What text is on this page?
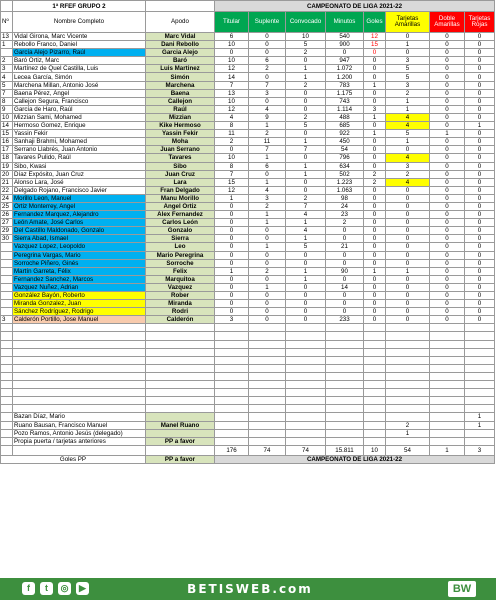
	1ª RFEF GRUPO 2		CAMPEONATO DE LIGA 2021-22							
Nº	Nombre Completo	Apodo	Titular	Suplente	Convocado	Minutos	Goles	Tarjetas Amarillas	Doble Amarillas	Tarjetas Rojas
13	Vidal Girona, Marc Vicente	Marc Vidal	6	0	10	540	12	0	0	0
1	Rebollo Franco, Daniel	Dani Rebollo	10	0	5	900	15	1	0	0
	García Alejo Pizarro, Raúl	Garcia Alejo	0	0	2	0	0	0	0	0
2	Baró Ortiz, Marc	Baró	10	6	0	947	0	3	0	0
3	Martínez de Quel Castilla, Luis	Luis Martinez	12	2	1	1.072	0	5	0	0
4	Lecea García, Simón	Simón	14	0	1	1.200	0	5	0	0
5	Marchena Millan, Antonio José	Marchena	7	7	2	783	1	3	0	0
7	Baena Pérez, Ángel	Baena	13	3	0	1.175	0	2	0	0
8	Callejon Segura, Francisco	Callejon	10	0	0	743	0	1	0	0
9	García de Haro, Raúl	Raúl	12	4	0	1.114	3	1	0	0
10	Mizzian Sami, Mohamed	Mizzian	4	9	2	488	1	4	0	0
14	Hermoso Gomez, Enrique	Kike Hermoso	8	1	5	685	0	4	0	1
15	Yassin Fekir	Yassin Fekir	11	2	0	922	1	5	1	0
16	Sanhaji Brahmi, Mohamed	Moha	2	11	1	450	0	1	0	0
17	Serrano Llabrés, Juan Antonio	Juan Serrano	0	7	7	54	0	0	0	0
18	Tavares Pulido, Raúl	Tavares	10	1	0	796	0	4	0	0
19	Sibo, Kwasi	Sibo	8	6	1	634	0	3	0	0
20	Díaz Expósito, Juan Cruz	Juan Cruz	7	0	1	502	2	2	0	0
21	Alonso Lara, José	Lara	15	1	0	1.223	2	4	0	0
22	Delgado Rojano, Francisco Javier	Fran Delgado	12	4	0	1.063	0	0	0	0
24	Morillo Leon, Manuel	Manu Morillo	1	3	2	98	0	0	0	0
25	Ortiz Monterrey, Angel	Angel Ortiz	0	2	7	24	0	0	0	0
26	Fernandez Marquez, Alejandro	Alex Fernandez	0	1	4	23	0	0	0	0
27	León Amate, José Carlos	Carlos León	0	1	1	2	0	0	0	0
29	Del Castillo Maldonado, Gonzalo	Gonzalo	0	0	4	0	0	0	0	0
30	Sierra Abad, Ismael	Sierra	0	0	1	0	0	0	0	0
	Vazquez Lopez, Leopoldo	Leo	0	1	5	21	0	0	0	0
	Peregrina Vargas, Mario	Mario Peregrina	0	0	0	0	0	0	0	0
	Sorroche Piñero, Ginés	Sorroche	0	0	0	0	0	0	0	0
	Martín Garreta, Félix	Felix	1	2	1	90	1	1	0	0
	Fernandez Sanchez, Marcos	Marquitoa	0	0	1	0	0	0	0	0
	Vazquez Nuñez, Adrian	Vazquez	0	1	0	14	0	0	0	0
	González Bayón, Roberto	Rober	0	0	0	0	0	0	0	0
	Miranda Gonzalez, Juan	Miranda	0	0	0	0	0	0	0	0
	Sánchez Rodríguez, Rodrigo	Rodri	0	0	0	0	0	0	0	0
3	Calderón Portillo, Jose Manuel	Calderón	3	0	0	233	0	0	0	0

	Bazan Díaz, Mario									1
	Ruano Bausan, Francisco Manuel	Manel Ruano						2		1
	Pozo Ramos, Antonio Jesús (delegado)							1		
	Propia puerta / tarjetas anteriores	PP a favor								
			176	74	74	15.811	10	54	1	3
Goles PP		PP a favor	CAMPEONATO DE LIGA 2021-22							
f	t	◎	▶	BETISWEB.com	BW
